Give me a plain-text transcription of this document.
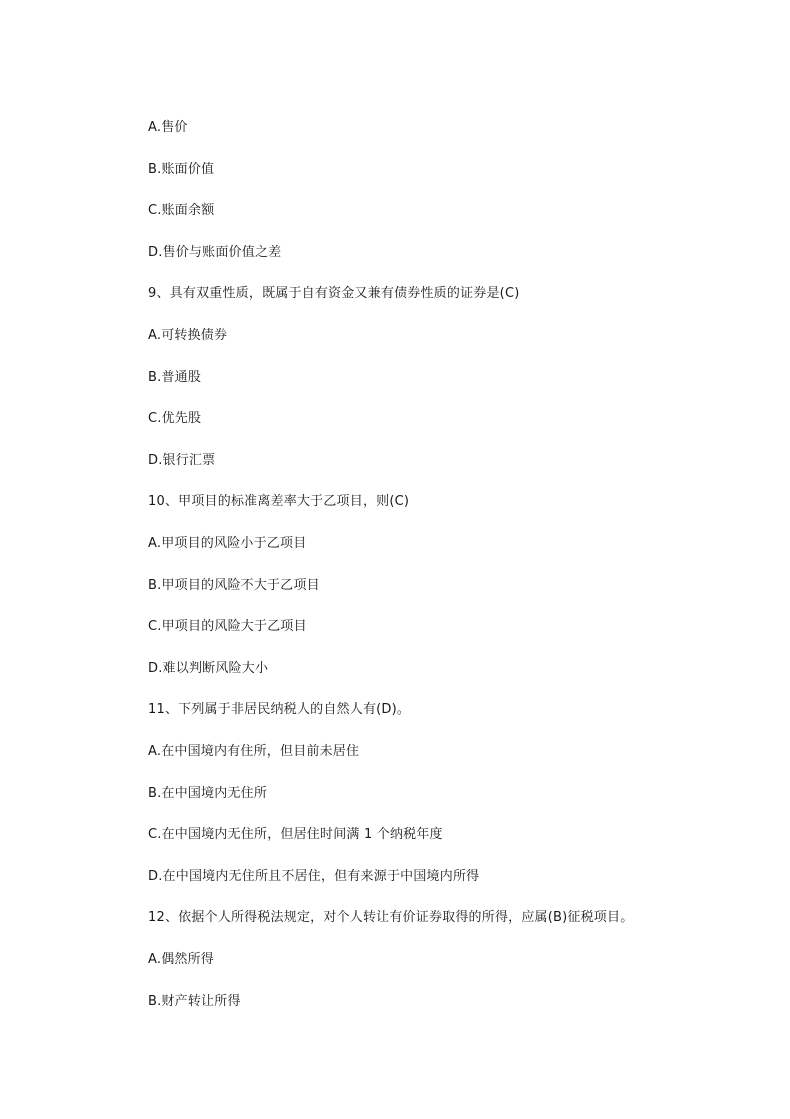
A.售价
B.账面价值
C.账面余额
D.售价与账面价值之差
9、具有双重性质，既属于自有资金又兼有债券性质的证券是(C)
A.可转换债券
B.普通股
C.优先股
D.银行汇票
10、甲项目的标准离差率大于乙项目，则(C)
A.甲项目的风险小于乙项目
B.甲项目的风险不大于乙项目
C.甲项目的风险大于乙项目
D.难以判断风险大小
11、下列属于非居民纳税人的自然人有(D)。
A.在中国境内有住所，但目前未居住
B.在中国境内无住所
C.在中国境内无住所，但居住时间满 1 个纳税年度
D.在中国境内无住所且不居住，但有来源于中国境内所得
12、依据个人所得税法规定，对个人转让有价证券取得的所得，应属(B)征税项目。
A.偶然所得
B.财产转让所得
